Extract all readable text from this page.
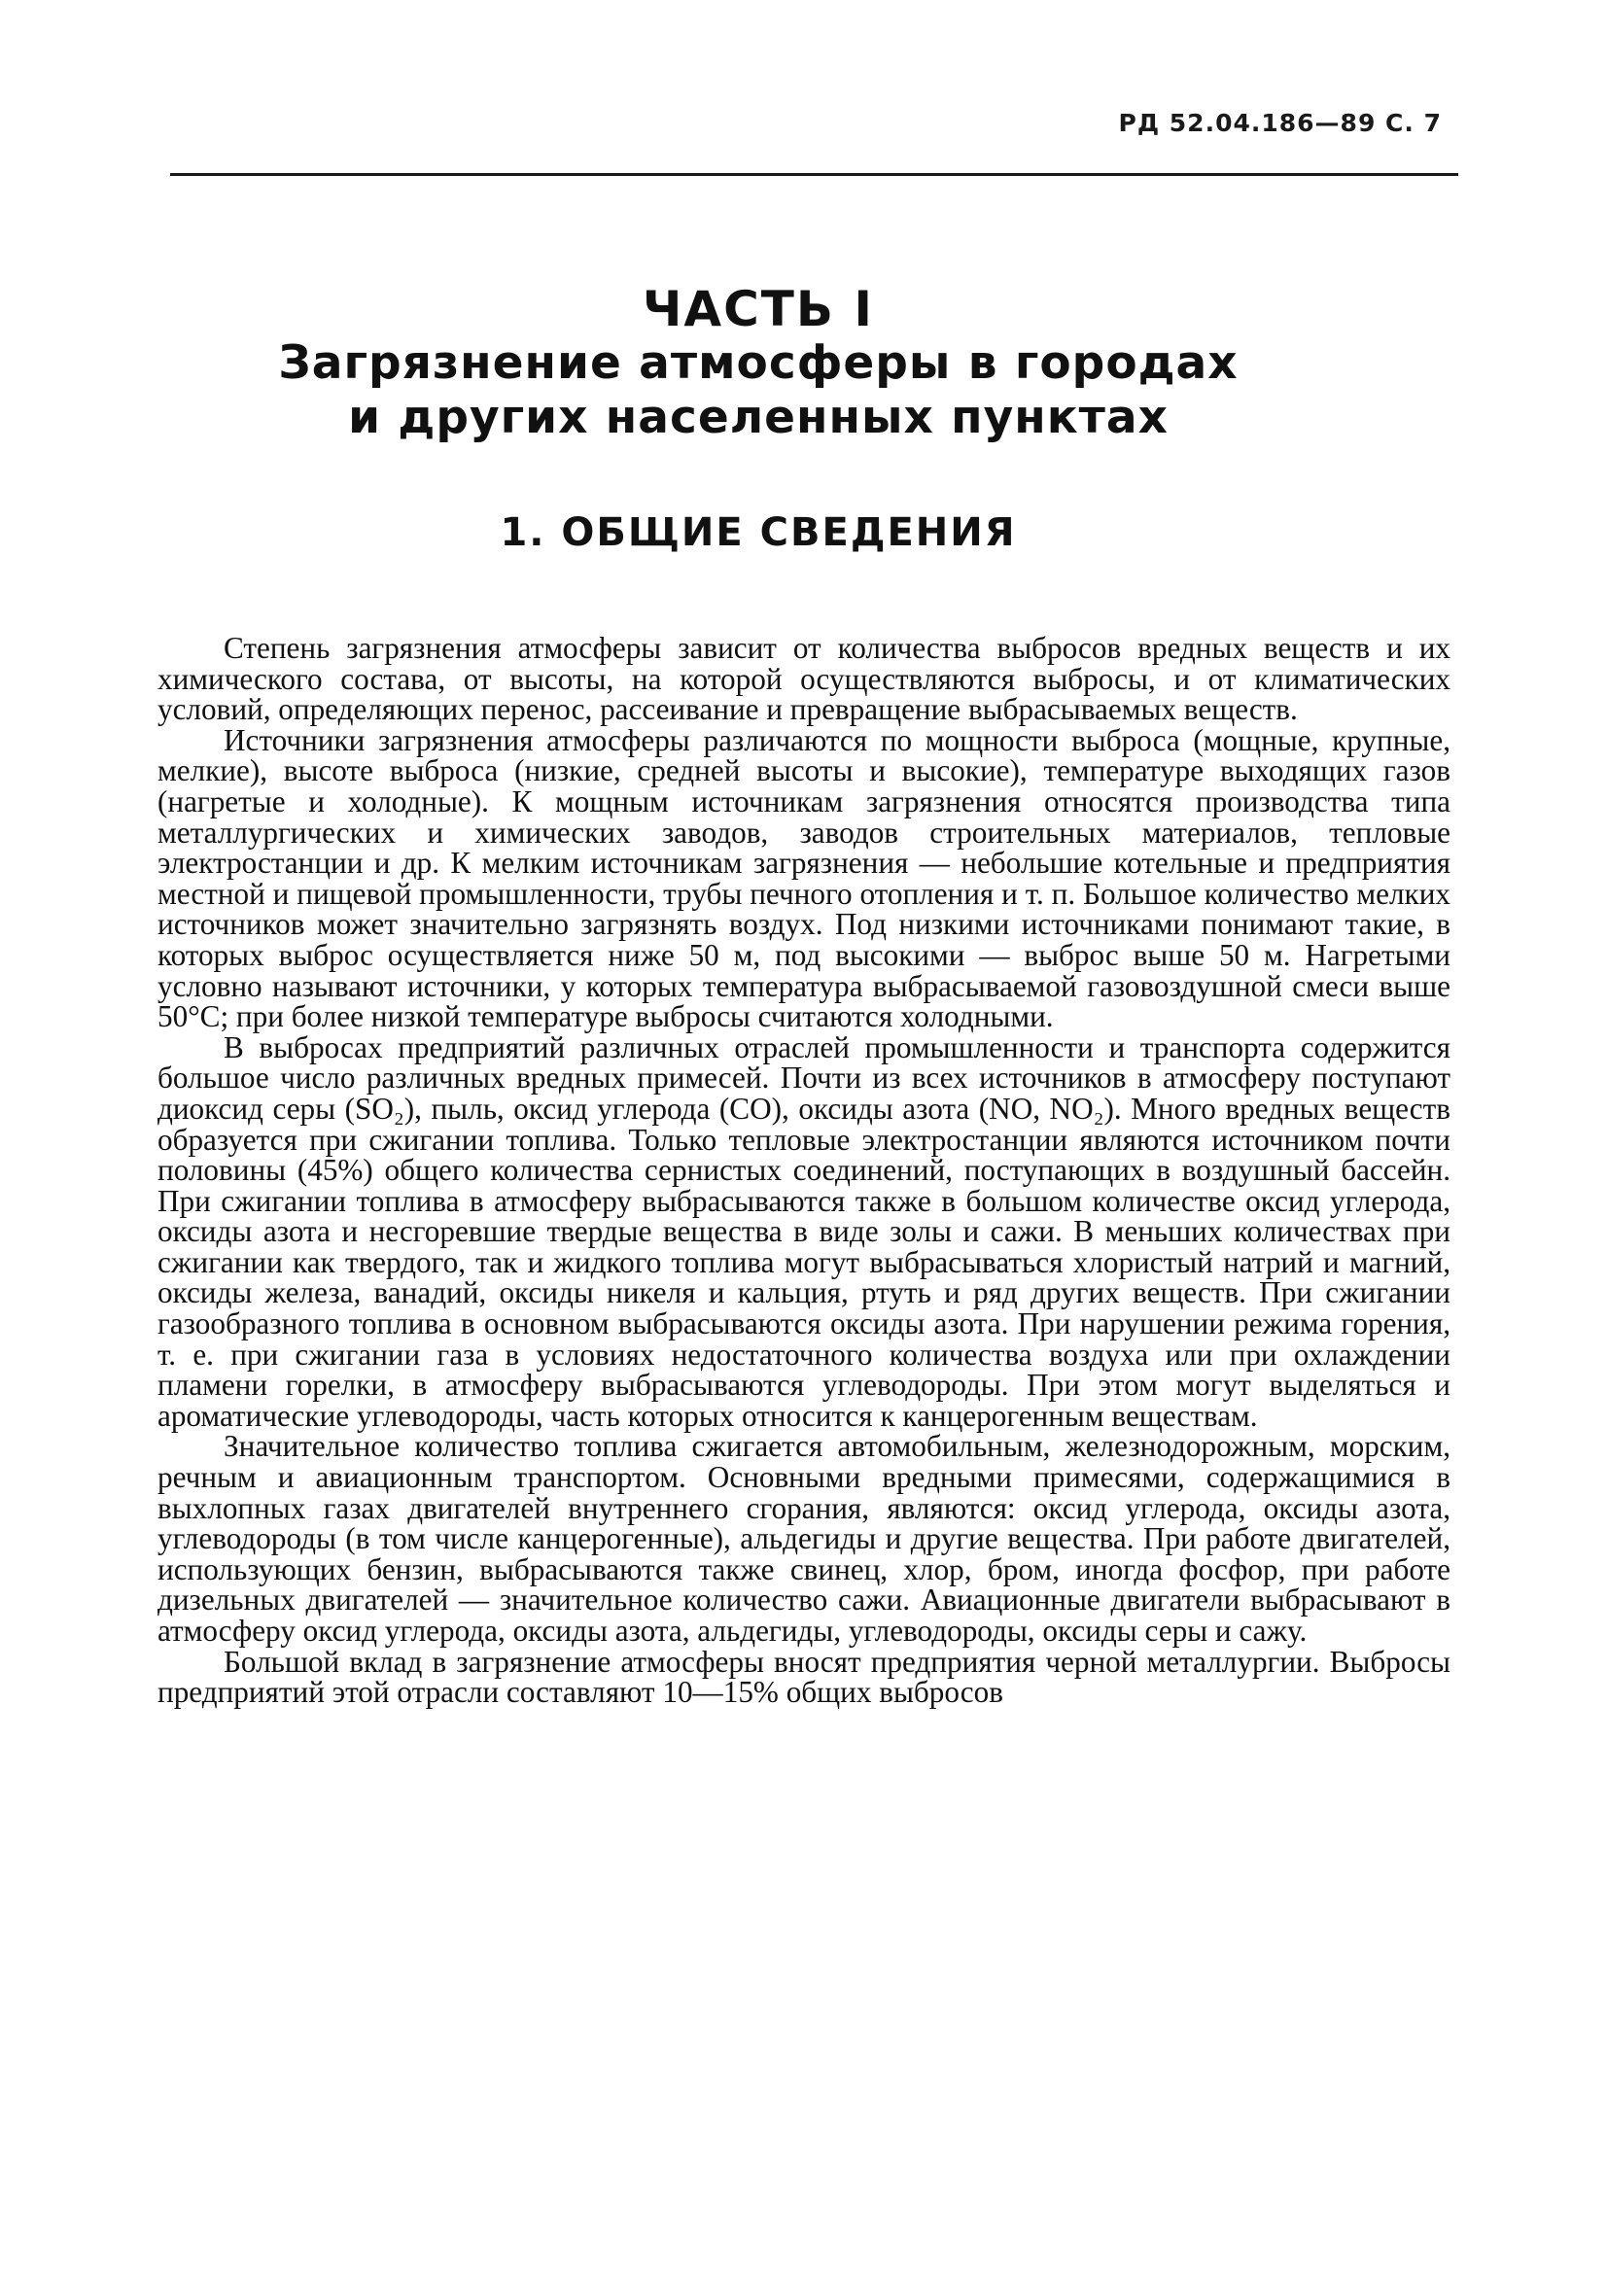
РД 52.04.186—89 С. 7
ЧАСТЬ I
Загрязнение атмосферы в городах
и других населенных пунктах
1. ОБЩИЕ СВЕДЕНИЯ

Степень загрязнения атмосферы зависит от количества выбросов вредных веществ и их химического состава, от высоты, на которой осуществляются выбросы, и от климатических условий, определяющих перенос, рассеивание и превращение выбрасываемых веществ.

Источники загрязнения атмосферы различаются по мощности выброса (мощные, крупные, мелкие), высоте выброса (низкие, средней высоты и высокие), температуре выходящих газов (нагретые и холодные). К мощным источникам загрязнения относятся производства типа металлургических и химических заводов, заводов строительных материалов, тепловые электростанции и др. К мелким источникам загрязнения — небольшие котельные и предприятия местной и пищевой промышленности, трубы печного отопления и т. п. Большое количество мелких источников может значительно загрязнять воздух. Под низкими источниками понимают такие, в которых выброс осуществляется ниже 50 м, под высокими — выброс выше 50 м. Нагретыми условно называют источники, у которых температура выбрасываемой газовоздушной смеси выше 50°С; при более низкой температуре выбросы считаются холодными.

В выбросах предприятий различных отраслей промышленности и транспорта содержится большое число различных вредных примесей. Почти из всех источников в атмосферу поступают диоксид серы (SO₂), пыль, оксид углерода (СО), оксиды азота (NO, NO₂). Много вредных веществ образуется при сжигании топлива. Только тепловые электростанции являются источником почти половины (45%) общего количества сернистых соединений, поступающих в воздушный бассейн. При сжигании топлива в атмосферу выбрасываются также в большом количестве оксид углерода, оксиды азота и несгоревшие твердые вещества в виде золы и сажи. В меньших количествах при сжигании как твердого, так и жидкого топлива могут выбрасываться хлористый натрий и магний, оксиды железа, ванадий, оксиды никеля и кальция, ртуть и ряд других веществ. При сжигании газообразного топлива в основном выбрасываются оксиды азота. При нарушении режима горения, т. е. при сжигании газа в условиях недостаточного количества воздуха или при охлаждении пламени горелки, в атмосферу выбрасываются углеводороды. При этом могут выделяться и ароматические углеводороды, часть которых относится к канцерогенным веществам.

Значительное количество топлива сжигается автомобильным, железнодорожным, морским, речным и авиационным транспортом. Основными вредными примесями, содержащимися в выхлопных газах двигателей внутреннего сгорания, являются: оксид углерода, оксиды азота, углеводороды (в том числе канцерогенные), альдегиды и другие вещества. При работе двигателей, использующих бензин, выбрасываются также свинец, хлор, бром, иногда фосфор, при работе дизельных двигателей — значительное количество сажи. Авиационные двигатели выбрасывают в атмосферу оксид углерода, оксиды азота, альдегиды, углеводороды, оксиды серы и сажу.

Большой вклад в загрязнение атмосферы вносят предприятия черной металлургии. Выбросы предприятий этой отрасли составляют 10—15% общих выбросов
